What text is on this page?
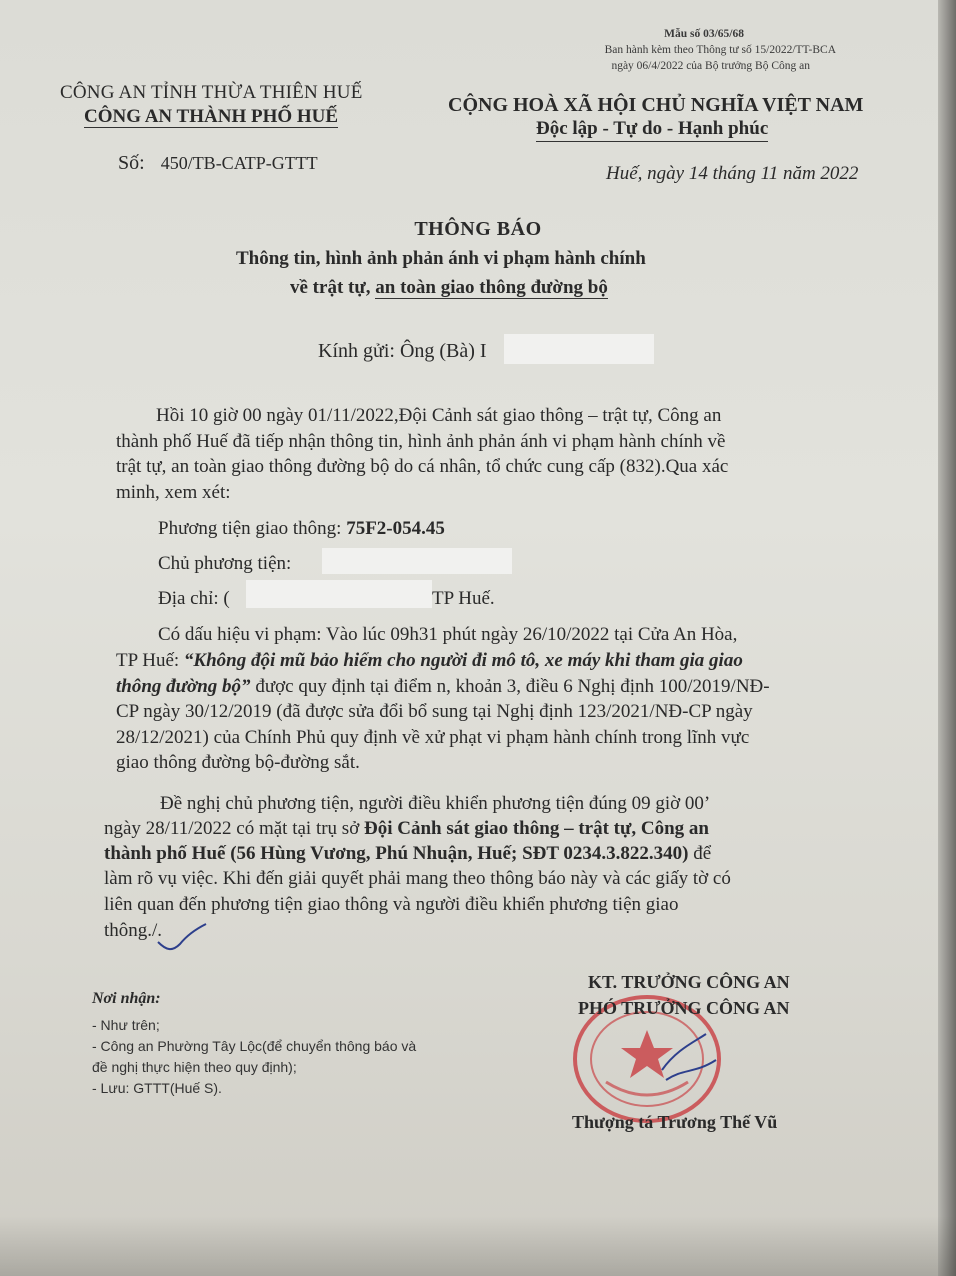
Mẫu số 03/65/68
Ban hành kèm theo Thông tư số 15/2022/TT-BCA
ngày 06/4/2022 của Bộ trưởng Bộ Công an
CÔNG AN TỈNH THỪA THIÊN HUẾ
CÔNG AN THÀNH PHỐ HUẾ
CỘNG HOÀ XÃ HỘI CHỦ NGHĨA VIỆT NAM
Độc lập - Tự do - Hạnh phúc
Số: 450/TB-CATP-GTTT	Huế, ngày 14 tháng 11 năm 2022
THÔNG BÁO
Thông tin, hình ảnh phản ánh vi phạm hành chính
về trật tự, an toàn giao thông đường bộ
Kính gửi: Ông (Bà) I
Hồi 10 giờ 00 ngày 01/11/2022,Đội Cảnh sát giao thông – trật tự, Công an
thành phố Huế đã tiếp nhận thông tin, hình ảnh phản ánh vi phạm hành chính về
trật tự, an toàn giao thông đường bộ do cá nhân, tổ chức cung cấp (832).Qua xác
minh, xem xét:
Phương tiện giao thông: 75F2-054.45
Chủ phương tiện:
Địa chỉ: (	TP Huế.
Có dấu hiệu vi phạm: Vào lúc 09h31 phút ngày 26/10/2022 tại Cửa An Hòa,
TP Huế: “Không đội mũ bảo hiểm cho người đi mô tô, xe máy khi tham gia giao
thông đường bộ” được quy định tại điểm n, khoản 3, điều 6 Nghị định 100/2019/NĐ-
CP ngày 30/12/2019 (đã được sửa đổi bổ sung tại Nghị định 123/2021/NĐ-CP ngày
28/12/2021) của Chính Phủ quy định về xử phạt vi phạm hành chính trong lĩnh vực
giao thông đường bộ-đường sắt.
Đề nghị chủ phương tiện, người điều khiển phương tiện đúng 09 giờ 00’
ngày 28/11/2022 có mặt tại trụ sở Đội Cảnh sát giao thông – trật tự, Công an
thành phố Huế (56 Hùng Vương, Phú Nhuận, Huế; SĐT 0234.3.822.340) để
làm rõ vụ việc. Khi đến giải quyết phải mang theo thông báo này và các giấy tờ có
liên quan đến phương tiện giao thông và người điều khiển phương tiện giao
thông./.
Nơi nhận:
- Như trên;
- Công an Phường Tây Lộc(để chuyển thông báo và
đề nghị thực hiện theo quy định);
- Lưu: GTTT(Huế S).
KT. TRƯỞNG CÔNG AN
PHÓ TRƯỞNG CÔNG AN
Thượng tá Trương Thế Vũ
